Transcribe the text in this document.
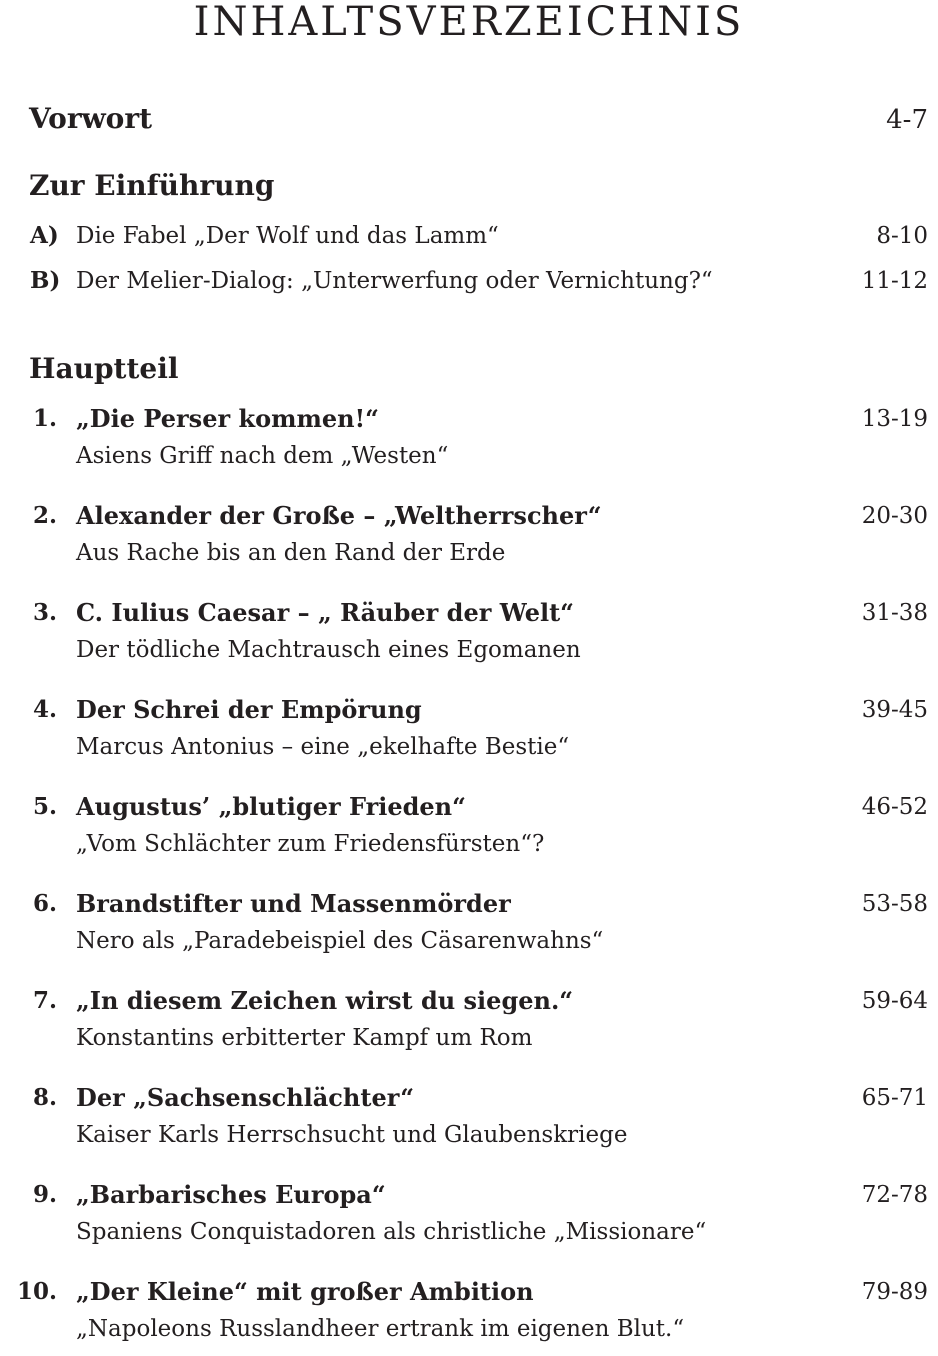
INHALTSVERZEICHNIS
Vorwort	4-7
Zur Einführung
A) Die Fabel „Der Wolf und das Lamm“	8-10
B) Der Melier-Dialog: „Unterwerfung oder Vernichtung?“	11-12
Hauptteil
1. „Die Perser kommen!“	13-19
Asiens Griff nach dem „Westen“
2. Alexander der Große – „Weltherrscher“	20-30
Aus Rache bis an den Rand der Erde
3. C. Iulius Caesar – „ Räuber der Welt“	31-38
Der tödliche Machtrausch eines Egomanen
4. Der Schrei der Empörung	39-45
Marcus Antonius – eine „ekelhafte Bestie“
5. Augustus’ „blutiger Frieden“	46-52
„Vom Schlächter zum Friedensfürsten“?
6. Brandstifter und Massenmörder	53-58
Nero als „Paradebeispiel des Cäsarenwahns“
7. „In diesem Zeichen wirst du siegen.“	59-64
Konstantins erbitterter Kampf um Rom
8. Der „Sachsenschlächter“	65-71
Kaiser Karls Herrschsucht und Glaubenskriege
9. „Barbarisches Europa“	72-78
Spaniens Conquistadoren als christliche „Missionare“
10. „Der Kleine“ mit großer Ambition	79-89
„Napoleons Russlandheer ertrank im eigenen Blut.“
